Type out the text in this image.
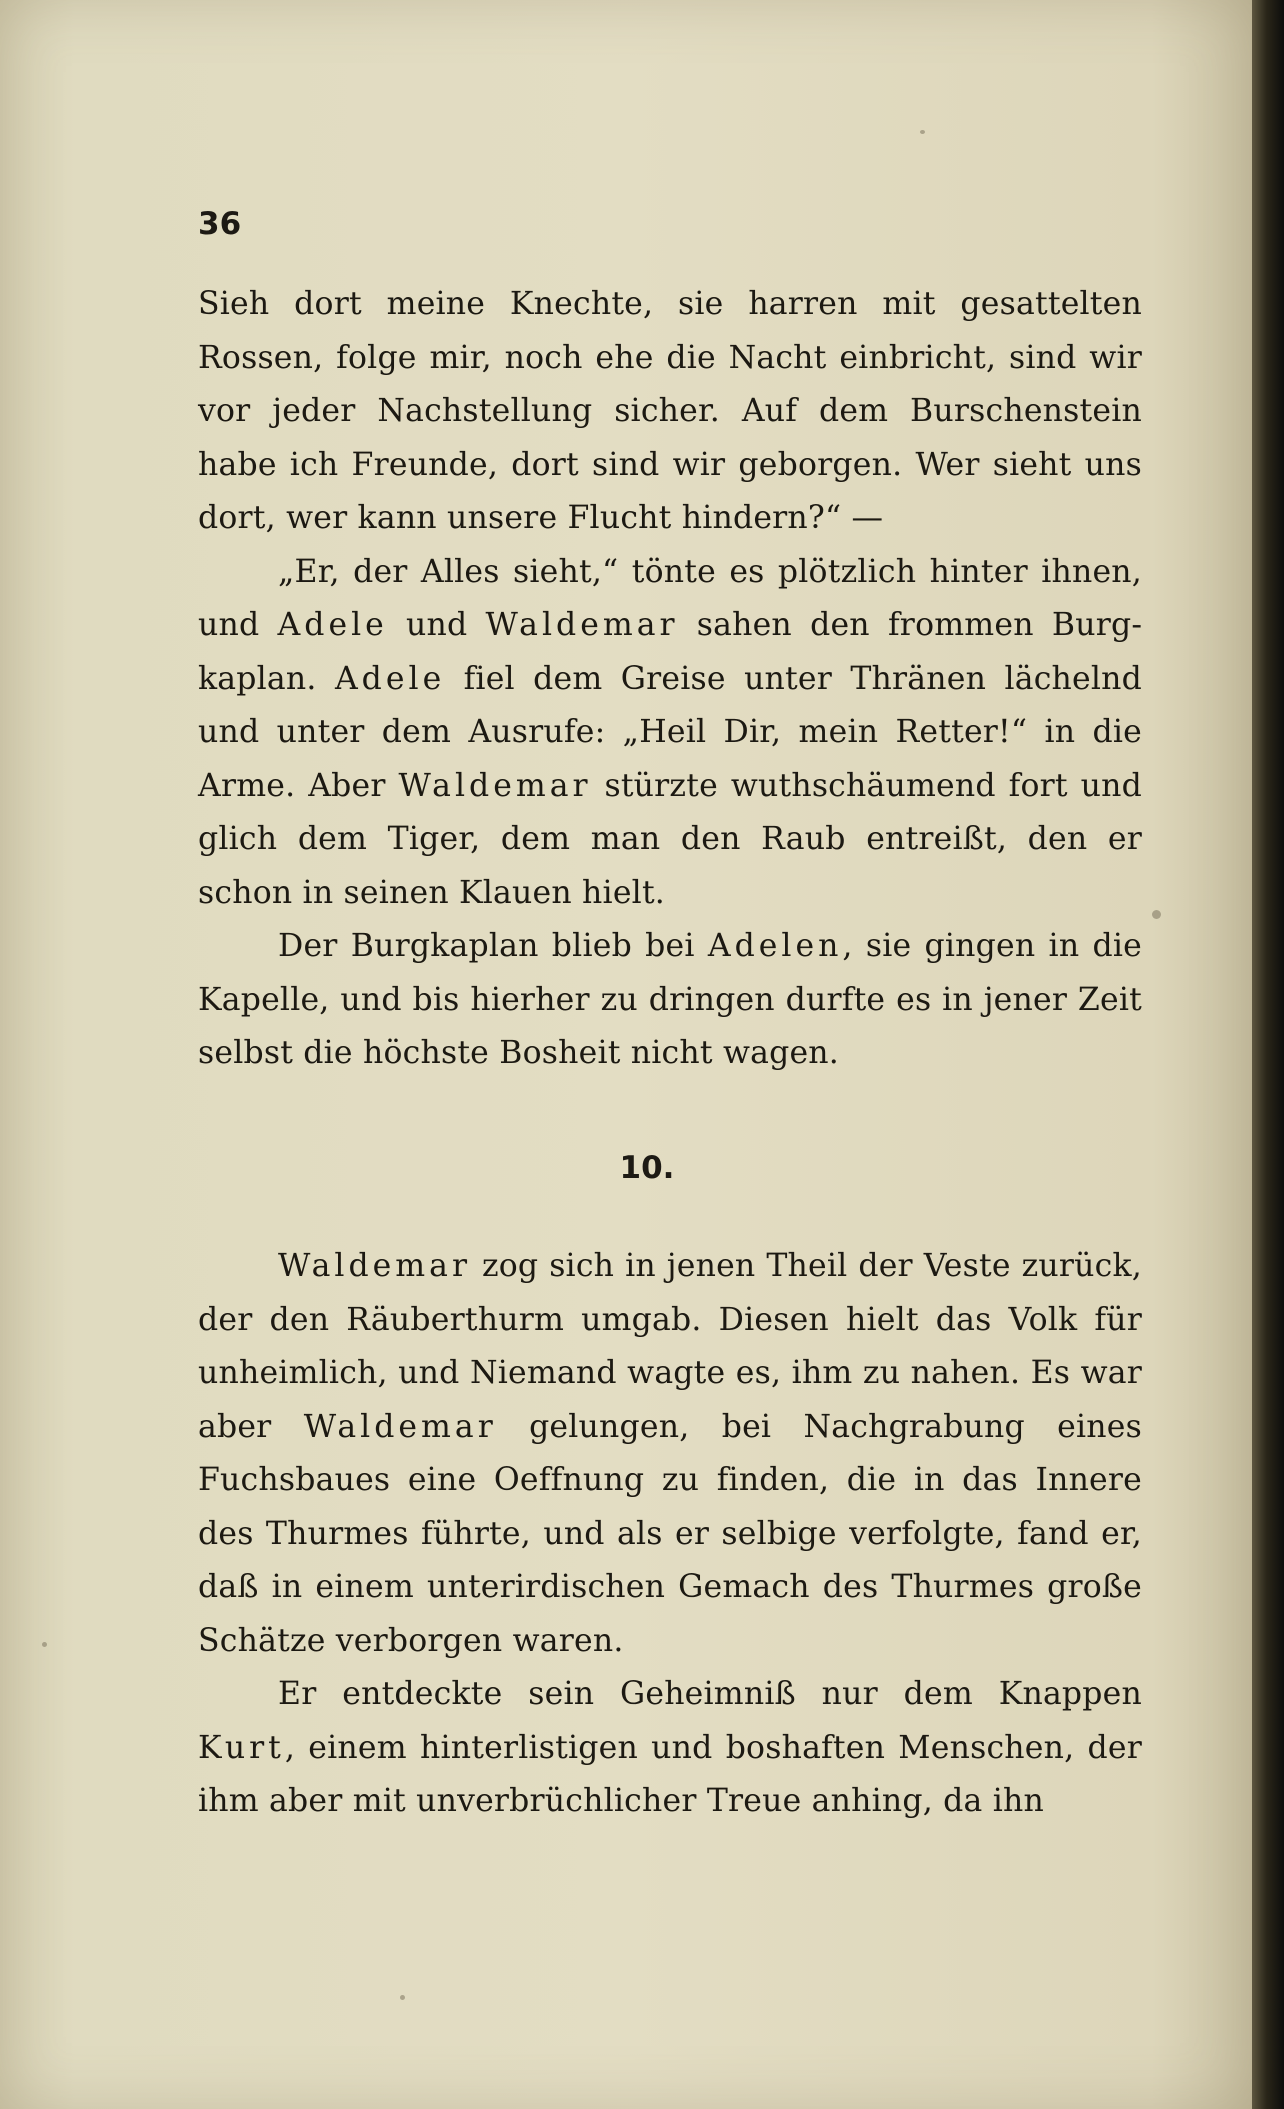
36

Sieh dort meine Knechte, sie harren mit gesattelten Rossen, folge mir, noch ehe die Nacht einbricht, sind wir vor jeder Nachstellung sicher. Auf dem Burschenstein habe ich Freunde, dort sind wir geborgen. Wer sieht uns dort, wer kann unsere Flucht hindern?“ —

„Er, der Alles sieht,“ tönte es plötzlich hinter ihnen, und Adele und Waldemar sahen den frommen Burgkaplan. Adele fiel dem Greise unter Thränen lächelnd und unter dem Ausrufe: „Heil Dir, mein Retter!“ in die Arme. Aber Waldemar stürzte wuthschäumend fort und glich dem Tiger, dem man den Raub entreißt, den er schon in seinen Klauen hielt.

Der Burgkaplan blieb bei Adelen, sie gingen in die Kapelle, und bis hierher zu dringen durfte es in jener Zeit selbst die höchste Bosheit nicht wagen.

10.

Waldemar zog sich in jenen Theil der Veste zurück, der den Räuberthurm umgab. Diesen hielt das Volk für unheimlich, und Niemand wagte es, ihm zu nahen. Es war aber Waldemar gelungen, bei Nachgrabung eines Fuchsbaues eine Oeffnung zu finden, die in das Innere des Thurmes führte, und als er selbige verfolgte, fand er, daß in einem unterirdischen Gemach des Thurmes große Schätze verborgen waren.

Er entdeckte sein Geheimniß nur dem Knappen Kurt, einem hinterlistigen und boshaften Menschen, der ihm aber mit unverbrüchlicher Treue anhing, da ihn
